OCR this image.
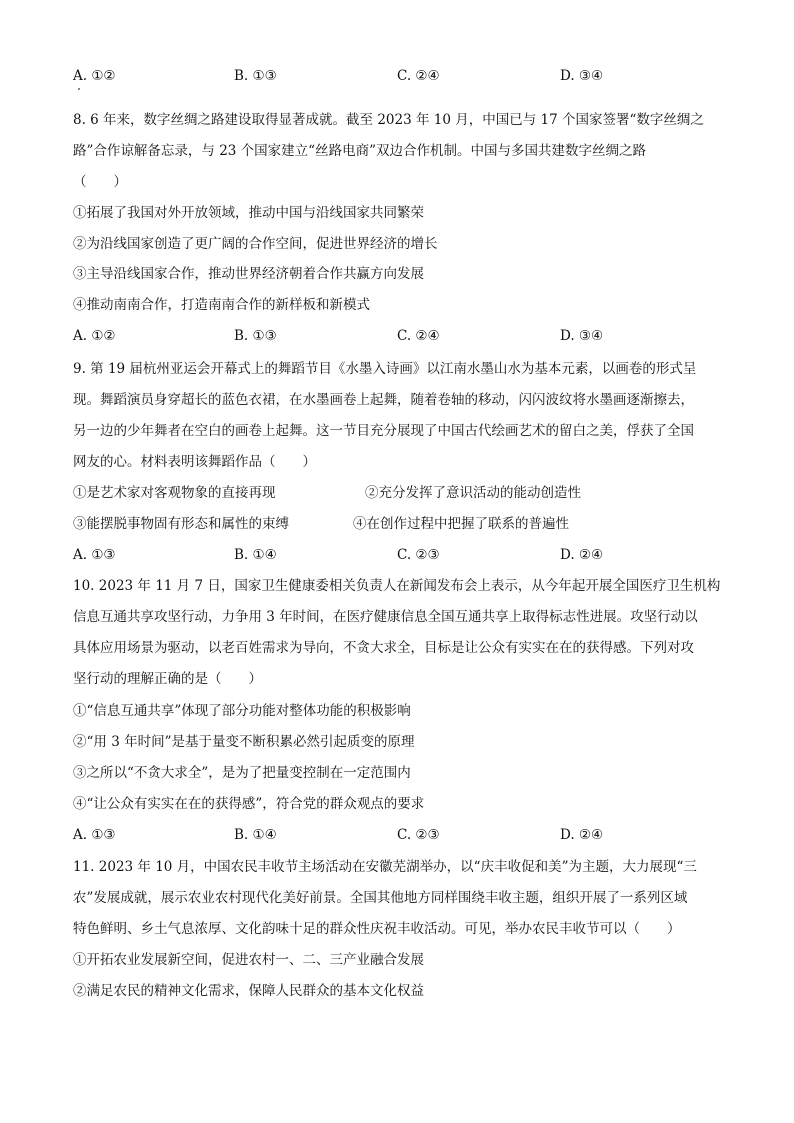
A. ①②	B. ①③	C. ②④	D. ③④
8. 6 年来，数字丝绸之路建设取得显著成就。截至 2023 年 10 月，中国已与 17 个国家签署“数字丝绸之
路”合作谅解备忘录，与 23 个国家建立“丝路电商”双边合作机制。中国与多国共建数字丝绸之路
（　　）
①拓展了我国对外开放领域，推动中国与沿线国家共同繁荣
②为沿线国家创造了更广阔的合作空间，促进世界经济的增长
③主导沿线国家合作，推动世界经济朝着合作共赢方向发展
④推动南南合作，打造南南合作的新样板和新模式
A. ①②	B. ①③	C. ②④	D. ③④
9. 第 19 届杭州亚运会开幕式上的舞蹈节目《水墨入诗画》以江南水墨山水为基本元素，以画卷的形式呈
现。舞蹈演员身穿超长的蓝色衣裙，在水墨画卷上起舞，随着卷轴的移动，闪闪波纹将水墨画逐渐擦去，
另一边的少年舞者在空白的画卷上起舞。这一节目充分展现了中国古代绘画艺术的留白之美，俘获了全国
网友的心。材料表明该舞蹈作品（　　）
①是艺术家对客观物象的直接再现	②充分发挥了意识活动的能动创造性
③能摆脱事物固有形态和属性的束缚	④在创作过程中把握了联系的普遍性
A. ①③	B. ①④	C. ②③	D. ②④
10. 2023 年 11 月 7 日，国家卫生健康委相关负责人在新闻发布会上表示，从今年起开展全国医疗卫生机构
信息互通共享攻坚行动，力争用 3 年时间，在医疗健康信息全国互通共享上取得标志性进展。攻坚行动以
具体应用场景为驱动，以老百姓需求为导向，不贪大求全，目标是让公众有实实在在的获得感。下列对攻
坚行动的理解正确的是（　　）
①“信息互通共享”体现了部分功能对整体功能的积极影响
②“用 3 年时间”是基于量变不断积累必然引起质变的原理
③之所以“不贪大求全”，是为了把量变控制在一定范围内
④“让公众有实实在在的获得感”，符合党的群众观点的要求
A. ①③	B. ①④	C. ②③	D. ②④
11. 2023 年 10 月，中国农民丰收节主场活动在安徽芜湖举办，以“庆丰收促和美”为主题，大力展现“三
农”发展成就，展示农业农村现代化美好前景。全国其他地方同样围绕丰收主题，组织开展了一系列区域
特色鲜明、乡土气息浓厚、文化韵味十足的群众性庆祝丰收活动。可见，举办农民丰收节可以（　　）
①开拓农业发展新空间，促进农村一、二、三产业融合发展
②满足农民的精神文化需求，保障人民群众的基本文化权益
